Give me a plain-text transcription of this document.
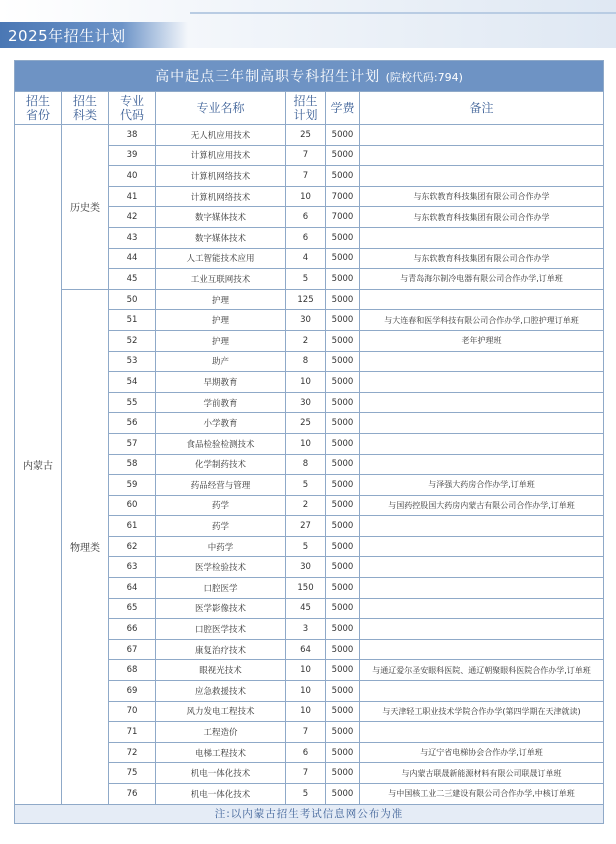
2025年招生计划
高中起点三年制高职专科招生计划 (院校代码:794)						
招生省份	招生科类	专业代码	专业名称	招生计划	学费	备注
内蒙古	历史类	38	无人机应用技术	25	5000	
		39	计算机应用技术	7	5000	
		40	计算机网络技术	7	5000	
		41	计算机网络技术	10	7000	与东软教育科技集团有限公司合作办学
		42	数字媒体技术	6	7000	与东软教育科技集团有限公司合作办学
		43	数字媒体技术	6	5000	
		44	人工智能技术应用	4	5000	与东软教育科技集团有限公司合作办学
		45	工业互联网技术	5	5000	与青岛海尔制冷电器有限公司合作办学,订单班
	物理类	50	护理	125	5000	
		51	护理	30	5000	与大连春和医学科技有限公司合作办学,口腔护理订单班
		52	护理	2	5000	老年护理班
		53	助产	8	5000	
		54	早期教育	10	5000	
		55	学前教育	30	5000	
		56	小学教育	25	5000	
		57	食品检验检测技术	10	5000	
		58	化学制药技术	8	5000	
		59	药品经营与管理	5	5000	与泽强大药房合作办学,订单班
		60	药学	2	5000	与国药控股国大药房内蒙古有限公司合作办学,订单班
		61	药学	27	5000	
		62	中药学	5	5000	
		63	医学检验技术	30	5000	
		64	口腔医学	150	5000	
		65	医学影像技术	45	5000	
		66	口腔医学技术	3	5000	
		67	康复治疗技术	64	5000	
		68	眼视光技术	10	5000	与通辽爱尔圣安眼科医院、通辽朝聚眼科医院合作办学,订单班
		69	应急救援技术	10	5000	
		70	风力发电工程技术	10	5000	与天津轻工职业技术学院合作办学(第四学期在天津就读)
		71	工程造价	7	5000	
		72	电梯工程技术	6	5000	与辽宁省电梯协会合作办学,订单班
		75	机电一体化技术	7	5000	与内蒙古联晟新能源材料有限公司联晟订单班
		76	机电一体化技术	5	5000	与中国核工业二三建设有限公司合作办学,中核订单班
注:以内蒙古招生考试信息网公布为准						
